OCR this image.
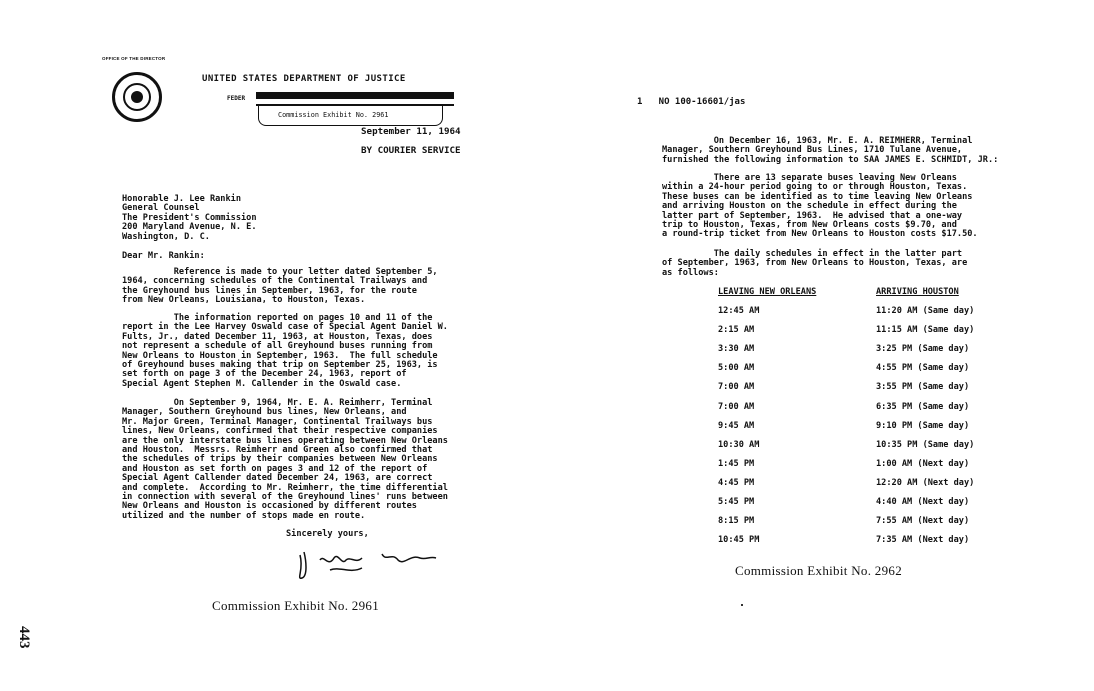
OFFICE OF THE DIRECTOR
UNITED STATES DEPARTMENT OF JUSTICE
FEDER
Commission Exhibit No. 2961
September 11, 1964
BY COURIER SERVICE
Honorable J. Lee Rankin
General Counsel
The President's Commission
200 Maryland Avenue, N. E.
Washington, D. C.
Dear Mr. Rankin:
Reference is made to your letter dated September 5,
1964, concerning schedules of the Continental Trailways and
the Greyhound bus lines in September, 1963, for the route
from New Orleans, Louisiana, to Houston, Texas.
The information reported on pages 10 and 11 of the
report in the Lee Harvey Oswald case of Special Agent Daniel W.
Fults, Jr., dated December 11, 1963, at Houston, Texas, does
not represent a schedule of all Greyhound buses running from
New Orleans to Houston in September, 1963.  The full schedule
of Greyhound buses making that trip on September 25, 1963, is
set forth on page 3 of the December 24, 1963, report of
Special Agent Stephen M. Callender in the Oswald case.
On September 9, 1964, Mr. E. A. Reimherr, Terminal
Manager, Southern Greyhound bus lines, New Orleans, and
Mr. Major Green, Terminal Manager, Continental Trailways bus
lines, New Orleans, confirmed that their respective companies
are the only interstate bus lines operating between New Orleans
and Houston.  Messrs. Reimherr and Green also confirmed that
the schedules of trips by their companies between New Orleans
and Houston as set forth on pages 3 and 12 of the report of
Special Agent Callender dated December 24, 1963, are correct
and complete.  According to Mr. Reimherr, the time differential
in connection with several of the Greyhound lines' runs between
New Orleans and Houston is occasioned by different routes
utilized and the number of stops made en route.
Sincerely yours,
Commission Exhibit No. 2961
443
1   NO 100-16601/jas
On December 16, 1963, Mr. E. A. REIMHERR, Terminal
Manager, Southern Greyhound Bus Lines, 1710 Tulane Avenue,
furnished the following information to SAA JAMES E. SCHMIDT, JR.:
There are 13 separate buses leaving New Orleans
within a 24-hour period going to or through Houston, Texas.
These buses can be identified as to time leaving New Orleans
and arriving Houston on the schedule in effect during the
latter part of September, 1963.  He advised that a one-way
trip to Houston, Texas, from New Orleans costs $9.70, and
a round-trip ticket from New Orleans to Houston costs $17.50.
The daily schedules in effect in the latter part
of September, 1963, from New Orleans to Houston, Texas, are
as follows:
LEAVING NEW ORLEANS	ARRIVING HOUSTON
12:45 AM	11:20 AM (Same day)
2:15 AM	11:15 AM (Same day)
3:30 AM	3:25 PM (Same day)
5:00 AM	4:55 PM (Same day)
7:00 AM	3:55 PM (Same day)
7:00 AM	6:35 PM (Same day)
9:45 AM	9:10 PM (Same day)
10:30 AM	10:35 PM (Same day)
1:45 PM	1:00 AM (Next day)
4:45 PM	12:20 AM (Next day)
5:45 PM	4:40 AM (Next day)
8:15 PM	7:55 AM (Next day)
10:45 PM	7:35 AM (Next day)
Commission Exhibit No. 2962
